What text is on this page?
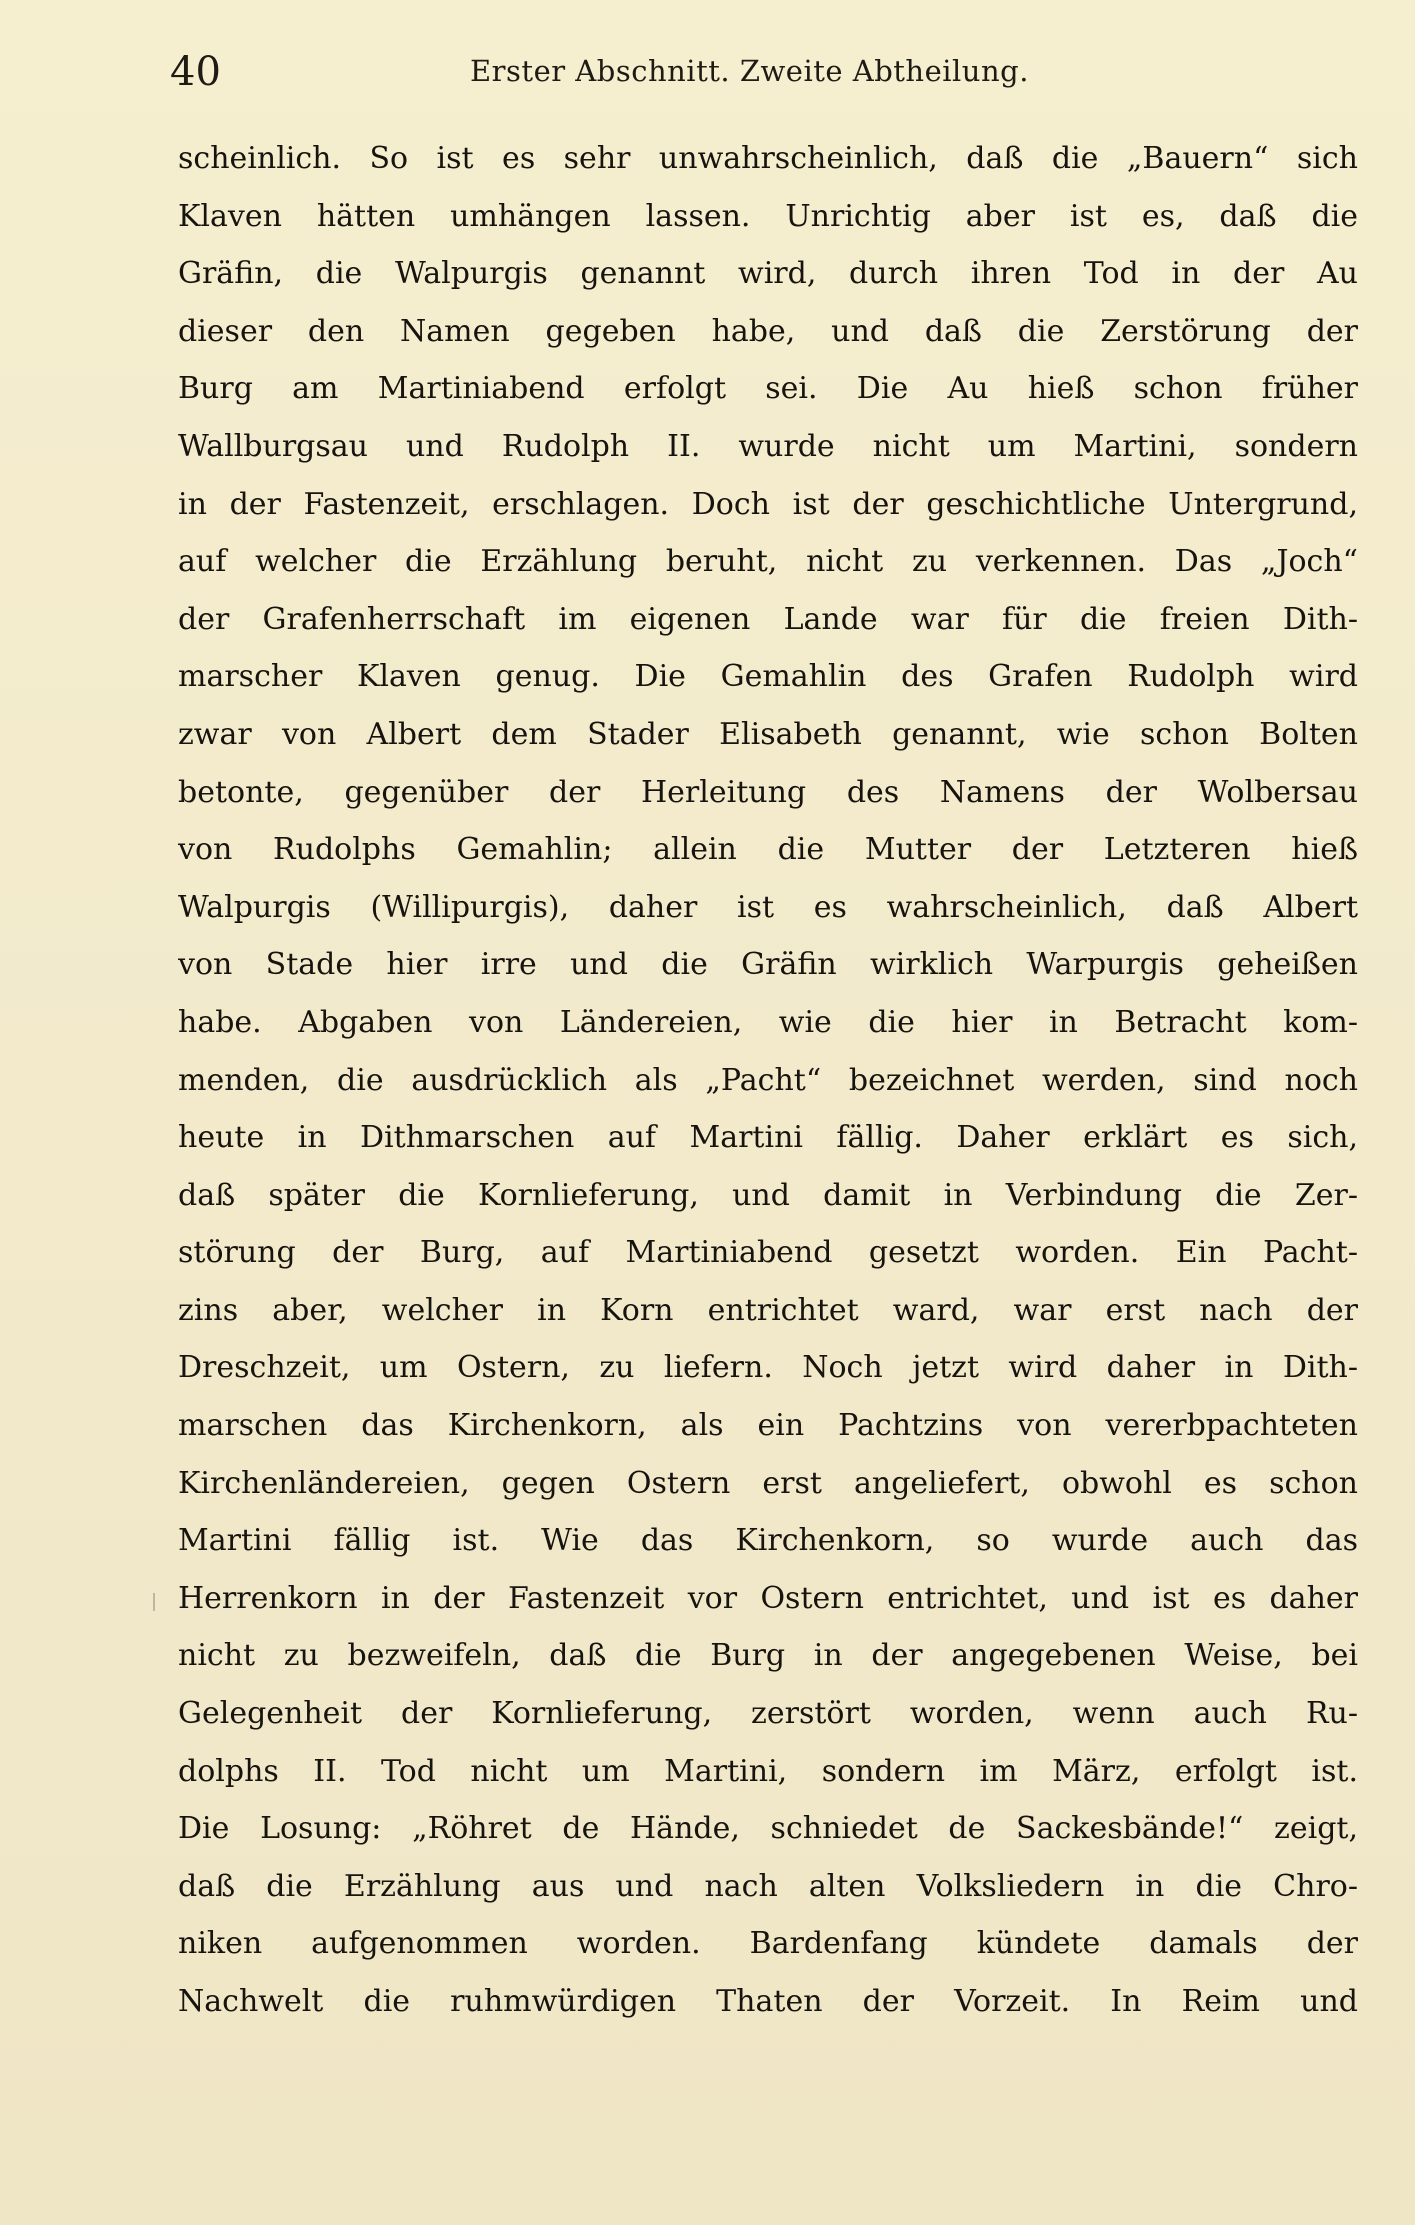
40	Erster Abschnitt. Zweite Abtheilung.
scheinlich. So ist es sehr unwahrscheinlich, daß die „Bauern“ sich
Klaven hätten umhängen lassen. Unrichtig aber ist es, daß die
Gräfin, die Walpurgis genannt wird, durch ihren Tod in der Au
dieser den Namen gegeben habe, und daß die Zerstörung der
Burg am Martiniabend erfolgt sei. Die Au hieß schon früher
Wallburgsau und Rudolph II. wurde nicht um Martini, sondern
in der Fastenzeit, erschlagen. Doch ist der geschichtliche Untergrund,
auf welcher die Erzählung beruht, nicht zu verkennen. Das „Joch“
der Grafenherrschaft im eigenen Lande war für die freien Dith-
marscher Klaven genug. Die Gemahlin des Grafen Rudolph wird
zwar von Albert dem Stader Elisabeth genannt, wie schon Bolten
betonte, gegenüber der Herleitung des Namens der Wolbersau
von Rudolphs Gemahlin; allein die Mutter der Letzteren hieß
Walpurgis (Willipurgis), daher ist es wahrscheinlich, daß Albert
von Stade hier irre und die Gräfin wirklich Warpurgis geheißen
habe. Abgaben von Ländereien, wie die hier in Betracht kom-
menden, die ausdrücklich als „Pacht“ bezeichnet werden, sind noch
heute in Dithmarschen auf Martini fällig. Daher erklärt es sich,
daß später die Kornlieferung, und damit in Verbindung die Zer-
störung der Burg, auf Martiniabend gesetzt worden. Ein Pacht-
zins aber, welcher in Korn entrichtet ward, war erst nach der
Dreschzeit, um Ostern, zu liefern. Noch jetzt wird daher in Dith-
marschen das Kirchenkorn, als ein Pachtzins von vererbpachteten
Kirchenländereien, gegen Ostern erst angeliefert, obwohl es schon
Martini fällig ist. Wie das Kirchenkorn, so wurde auch das
Herrenkorn in der Fastenzeit vor Ostern entrichtet, und ist es daher
nicht zu bezweifeln, daß die Burg in der angegebenen Weise, bei
Gelegenheit der Kornlieferung, zerstört worden, wenn auch Ru-
dolphs II. Tod nicht um Martini, sondern im März, erfolgt ist.
Die Losung: „Röhret de Hände, schniedet de Sackesbände!“ zeigt,
daß die Erzählung aus und nach alten Volksliedern in die Chro-
niken aufgenommen worden. Bardenfang kündete damals der
Nachwelt die ruhmwürdigen Thaten der Vorzeit. In Reim und
